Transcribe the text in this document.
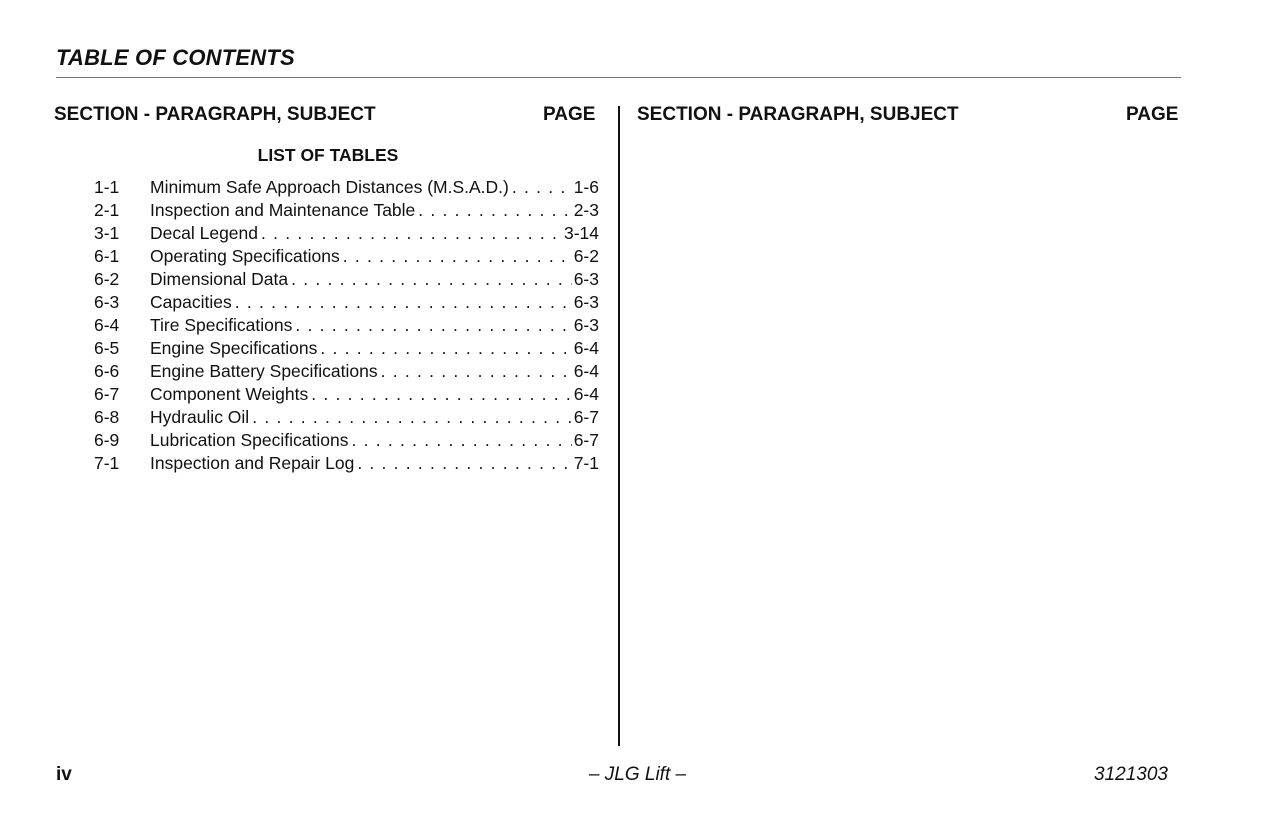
TABLE OF CONTENTS
SECTION - PARAGRAPH, SUBJECT	PAGE SECTION - PARAGRAPH, SUBJECT	PAGE
LIST OF TABLES
1-1	Minimum Safe Approach Distances (M.S.A.D.) . . .	1-6
2-1	Inspection and Maintenance Table . . .	2-3
3-1	Decal Legend . . .	3-14
6-1	Operating Specifications . . .	6-2
6-2	Dimensional Data . . .	6-3
6-3	Capacities . . .	6-3
6-4	Tire Specifications . . .	6-3
6-5	Engine Specifications . . .	6-4
6-6	Engine Battery Specifications . . .	6-4
6-7	Component Weights . . .	6-4
6-8	Hydraulic Oil . . .	6-7
6-9	Lubrication Specifications . . .	6-7
7-1	Inspection and Repair Log . . .	7-1
iv	– JLG Lift –	3121303
